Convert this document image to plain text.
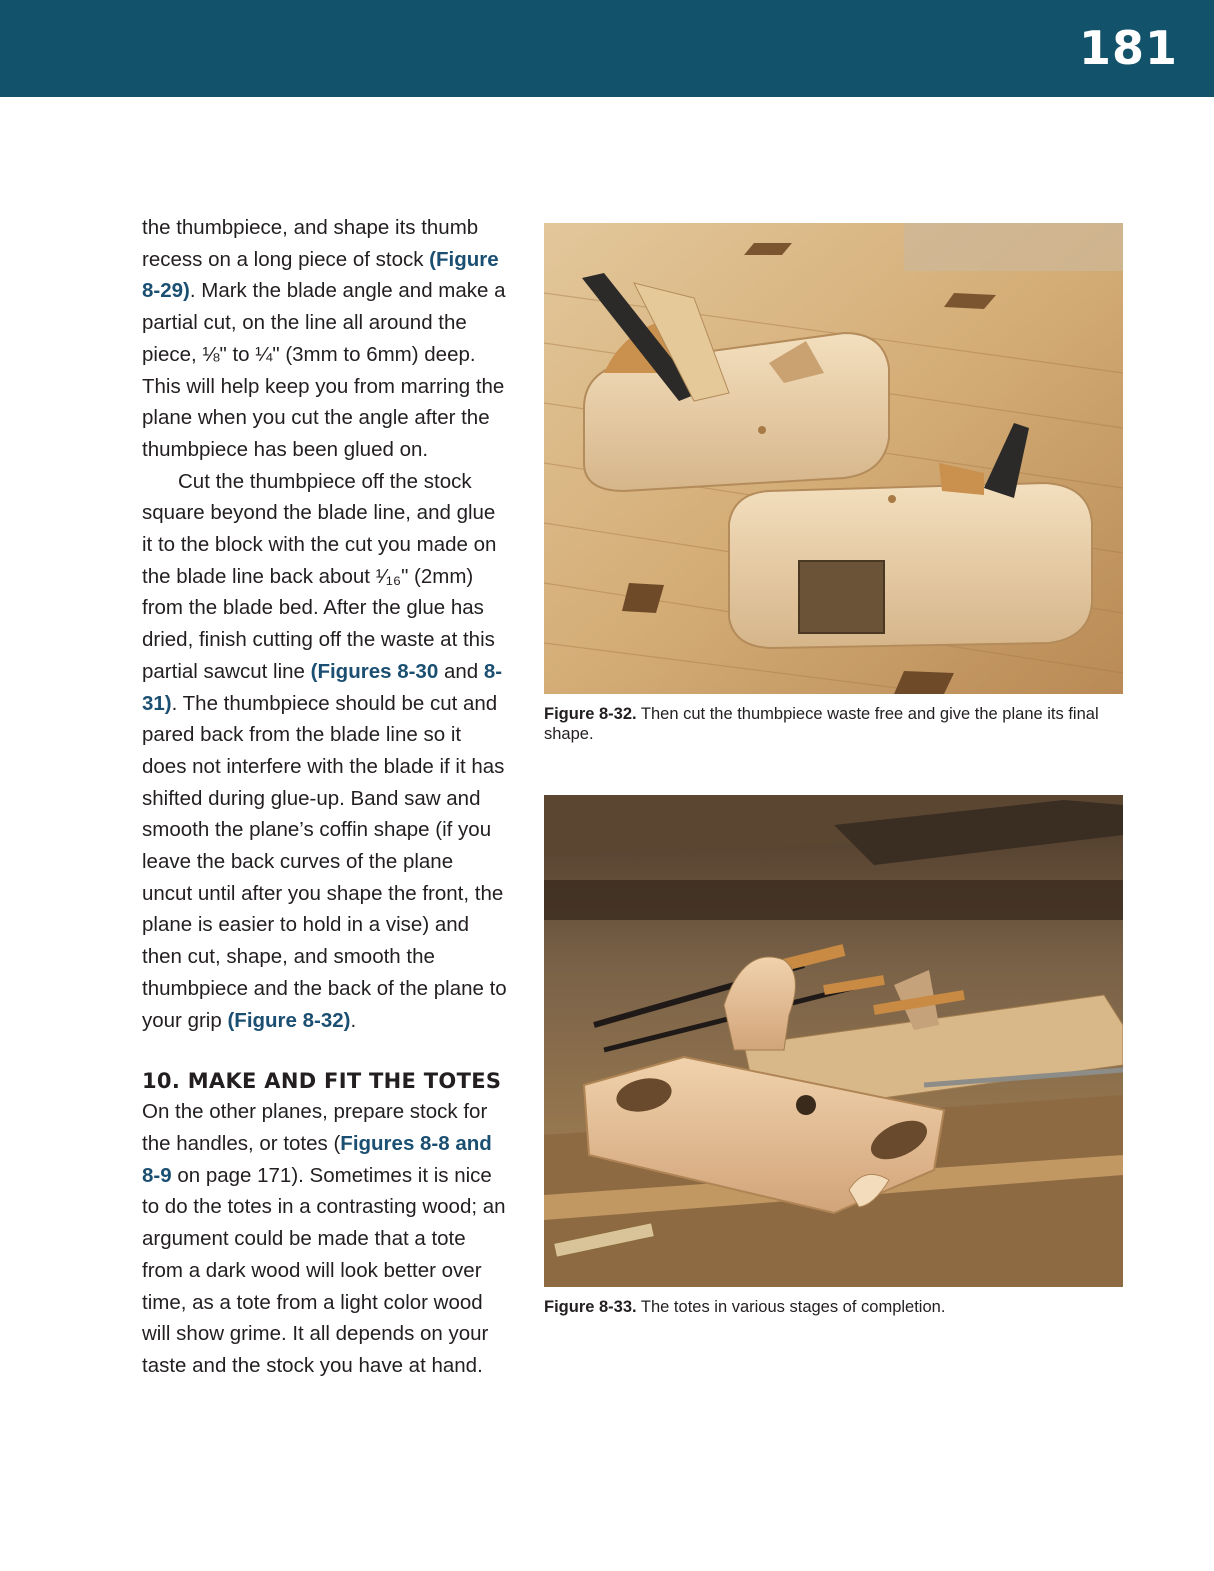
181

the thumbpiece, and shape its thumb recess on a long piece of stock (Figure 8-29). Mark the blade angle and make a partial cut, on the line all around the piece, ⅛" to ¼" (3mm to 6mm) deep. This will help keep you from marring the plane when you cut the angle after the thumbpiece has been glued on.

Cut the thumbpiece off the stock square beyond the blade line, and glue it to the block with the cut you made on the blade line back about ¹⁄₁₆" (2mm) from the blade bed. After the glue has dried, finish cutting off the waste at this partial sawcut line (Figures 8-30 and 8-31). The thumbpiece should be cut and pared back from the blade line so it does not interfere with the blade if it has shifted during glue-up. Band saw and smooth the plane’s coffin shape (if you leave the back curves of the plane uncut until after you shape the front, the plane is easier to hold in a vise) and then cut, shape, and smooth the thumbpiece and the back of the plane to your grip (Figure 8-32).

10. MAKE AND FIT THE TOTES

On the other planes, prepare stock for the handles, or totes (Figures 8-8 and 8-9 on page 171). Sometimes it is nice to do the totes in a contrasting wood; an argument could be made that a tote from a dark wood will look better over time, as a tote from a light color wood will show grime. It all depends on your taste and the stock you have at hand.

Figure 8-32. Then cut the thumbpiece waste free and give the plane its final shape.
Figure 8-33. The totes in various stages of completion.
